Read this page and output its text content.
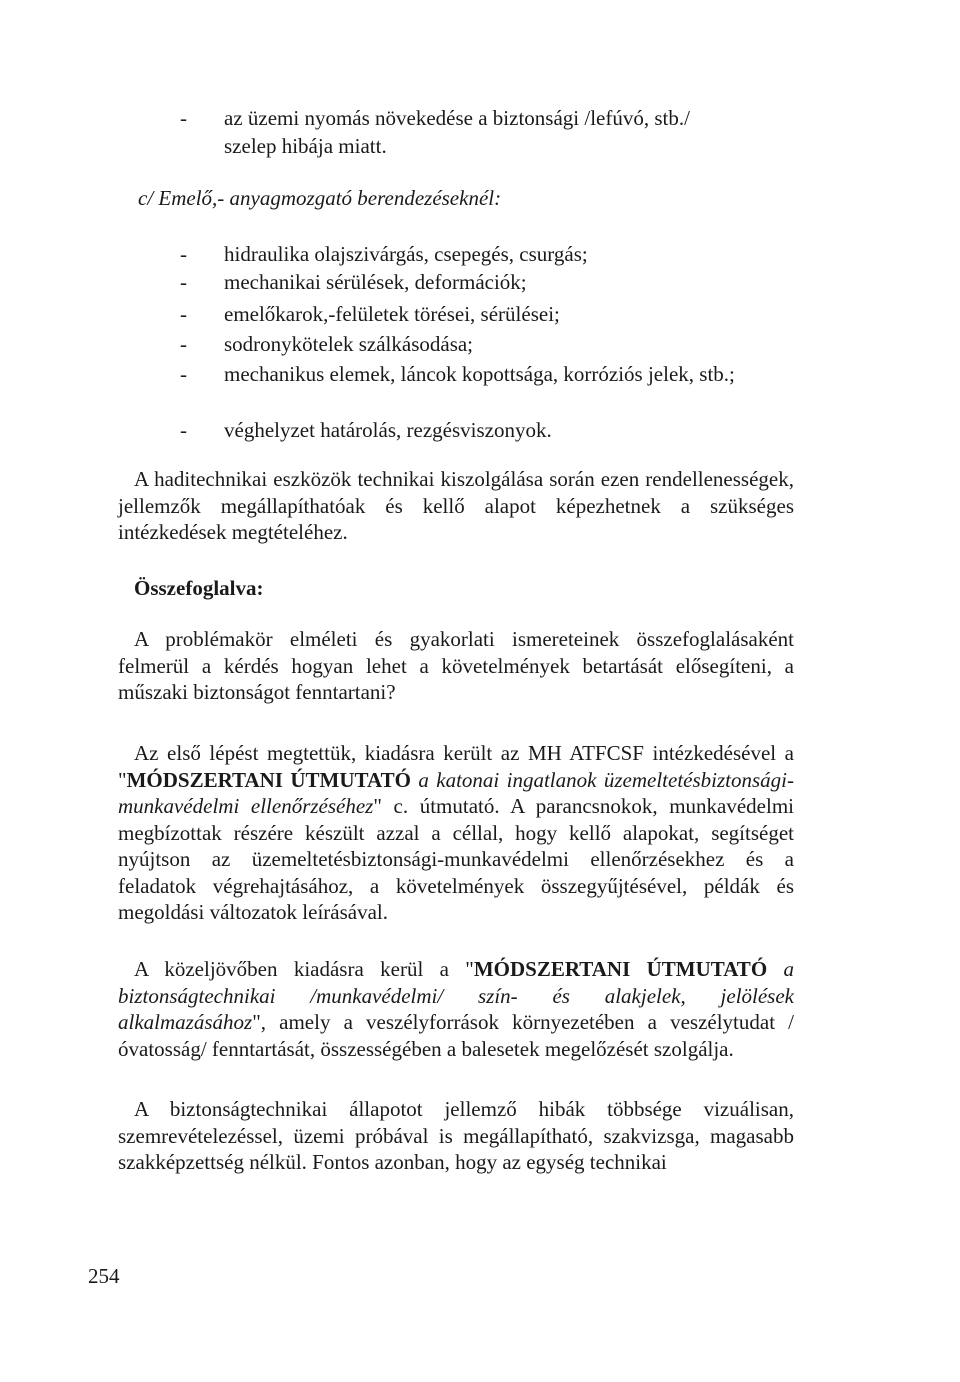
- az üzemi nyomás növekedése a biztonsági /lefúvó, stb./
szelep hibája miatt.
c/ Emelő,- anyagmozgató berendezéseknél:
- hidraulika olajszivárgás, csepegés, csurgás;
- mechanikai sérülések, deformációk;
- emelőkarok,-felületek törései, sérülései;
- sodronykötelek szálkásodása;
- mechanikus elemek, láncok kopottsága, korróziós jelek, stb.;
- véghelyzet határolás, rezgésviszonyok.

A haditechnikai eszközök technikai kiszolgálása során ezen rendellenességek, jellemzők megállapíthatóak és kellő alapot képezhetnek a szükséges intézkedések megtételéhez.

Összefoglalva:

A problémakör elméleti és gyakorlati ismereteinek összefoglalásaként felmerül a kérdés hogyan lehet a követelmények betartását elősegíteni, a műszaki biztonságot fenntartani?

Az első lépést megtettük, kiadásra került az MH ATFCSF intézkedésével a "MÓDSZERTANI ÚTMUTATÓ a katonai ingatlanok üzemeltetésbiztonsági-munkavédelmi ellenőrzéséhez" c. útmutató. A parancsnokok, munkavédelmi megbízottak részére készült azzal a céllal, hogy kellő alapokat, segítséget nyújtson az üzemeltetésbiztonsági-munkavédelmi ellenőrzésekhez és a feladatok végrehajtásához, a követelmények összegyűjtésével, példák és megoldási változatok leírásával.

A közeljövőben kiadásra kerül a "MÓDSZERTANI ÚTMUTATÓ a biztonságtechnikai /munkavédelmi/ szín- és alakjelek, jelölések alkalmazásához", amely a veszélyforrások környezetében a veszélytudat /óvatosság/ fenntartását, összességében a balesetek megelőzését szolgálja.

A biztonságtechnikai állapotot jellemző hibák többsége vizuálisan, szemrevételezéssel, üzemi próbával is megállapítható, szakvizsga, magasabb szakképzettség nélkül. Fontos azonban, hogy az egység technikai

254
